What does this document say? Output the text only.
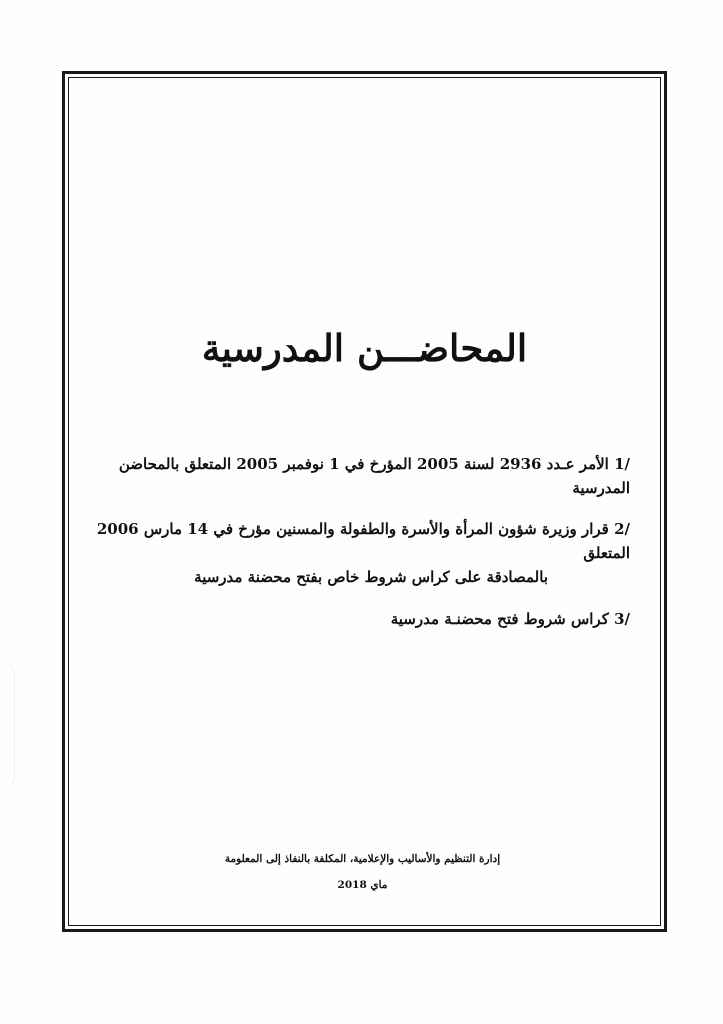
المحاضـــن المدرسية
1/ الأمر عـدد 2936 لسنة 2005 المؤرخ في 1 نوفمبر 2005 المتعلق بالمحاضن المدرسية
2/ قرار وزيرة شؤون المرأة والأسرة والطفولة والمسنين مؤرخ في 14 مارس 2006 المتعلق
بالمصادقة على كراس شروط خاص بفتح محضنة مدرسية
3/ كراس شروط فتح محضنـة مدرسية
إدارة التنظيم والأساليب والإعلامية، المكلفة بالنفاذ إلى المعلومة
ماي 2018
